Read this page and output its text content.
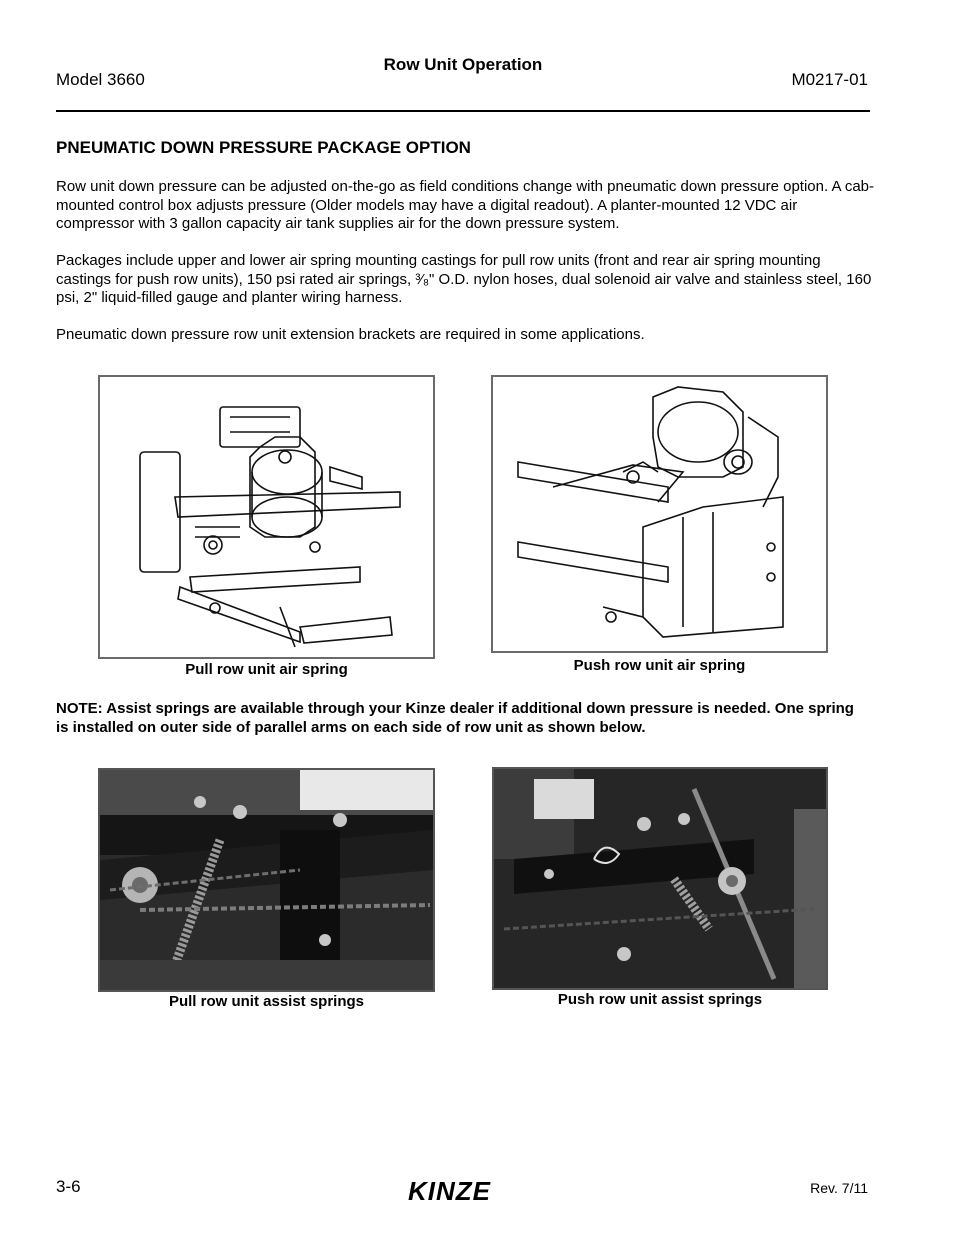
Model 3660
Row Unit Operation
M0217-01
PNEUMATIC DOWN PRESSURE PACKAGE OPTION
Row unit down pressure can be adjusted on-the-go as field conditions change with pneumatic down pressure option. A cab-mounted control box adjusts pressure (Older models may have a digital readout). A planter-mounted 12 VDC air compressor with 3 gallon capacity air tank supplies air for the down pressure system.
Packages include upper and lower air spring mounting castings for pull row units (front and rear air spring mounting castings for push row units), 150 psi rated air springs, ³⁄₈" O.D. nylon hoses, dual solenoid air valve and stainless steel, 160 psi, 2" liquid-filled gauge and planter wiring harness.
Pneumatic down pressure row unit extension brackets are required in some applications.
Pull row unit air spring	Push row unit air spring
NOTE: Assist springs are available through your Kinze dealer if additional down pressure is needed. One spring is installed on outer side of parallel arms on each side of row unit as shown below.
Pull row unit assist springs	Push row unit assist springs
3-6	KINZE	Rev. 7/11
